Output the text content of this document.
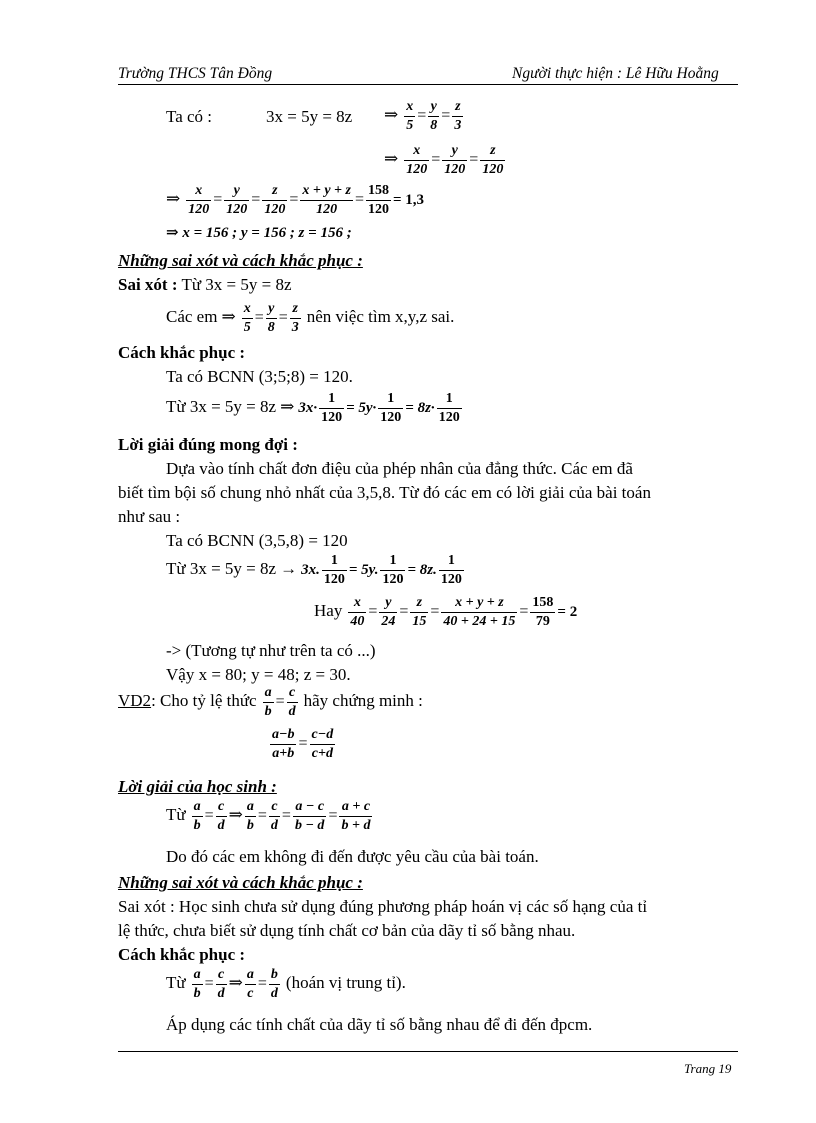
Trường THCS Tân Đồng	Người thực hiện : Lê Hữu Hoằng
Ta có :	3x = 5y = 8z ⇒ $\frac{x}{5} = \frac{y}{8} = \frac{z}{3}$
⇒ $\frac{x}{120} = \frac{y}{120} = \frac{z}{120}$
⇒ $\frac{x}{120} = \frac{y}{120} = \frac{z}{120} = \frac{x + y + z}{120} = \frac{158}{120} = 1,3$
⇒ x = 156 ; y = 156 ; z = 156 ;
Những sai xót và cách khắc phục :
Sai xót : Từ 3x = 5y = 8z
Các em ⇒ $\frac{x}{5} = \frac{y}{8} = \frac{z}{3}$ nên việc tìm x,y,z sai.
Cách khắc phục :
Ta có BCNN (3;5;8) = 120.
Từ 3x = 5y = 8z ⇒ $3x\cdot \frac{1}{120} = 5y\cdot \frac{1}{120} = 8z\cdot \frac{1}{120}$
Lời giải đúng mong đợi :
Dựa vào tính chất đơn điệu của phép nhân của đẳng thức. Các em đã
biết tìm bội số chung nhỏ nhất của 3,5,8. Từ đó các em có lời giải của bài toán
như sau :
Ta có BCNN (3,5,8) = 120
Từ 3x = 5y = 8z → 3x. $\frac{1}{120} = 5y$. $\frac{1}{120} = 8z$. $\frac{1}{120}$
Hay $\frac{x}{40} = \frac{y}{24} = \frac{z}{15} = \frac{x + y + z}{40 + 24 + 15} = \frac{158}{79} = 2$
-> (Tương tự như trên ta có ...)
Vậy x = 80; y = 48; z = 30.
VD2: Cho tỷ lệ thức $\frac{a}{b} = \frac{c}{d}$ hãy chứng minh :
$\frac{a-b}{a+b} = \frac{c-d}{c+d}$
Lời giải của học sinh :
Từ $\frac{a}{b} = \frac{c}{d}$ ⇒ $\frac{a}{b} = \frac{c}{d} = \frac{a - c}{b - d} = \frac{a + c}{b + d}$
Do đó các em không đi đến được yêu cầu của bài toán.
Những sai xót và cách khắc phục :
Sai xót : Học sinh chưa sử dụng đúng phương pháp hoán vị các số hạng của tỉ
lệ thức, chưa biết sử dụng tính chất cơ bản của dãy tỉ số bằng nhau.
Cách khắc phục :
Từ $\frac{a}{b} = \frac{c}{d}$ ⇒ $\frac{a}{c} = \frac{b}{d}$ (hoán vị trung tỉ).
Áp dụng các tính chất của dãy tỉ số bằng nhau để đi đến đpcm.
Trang 19
